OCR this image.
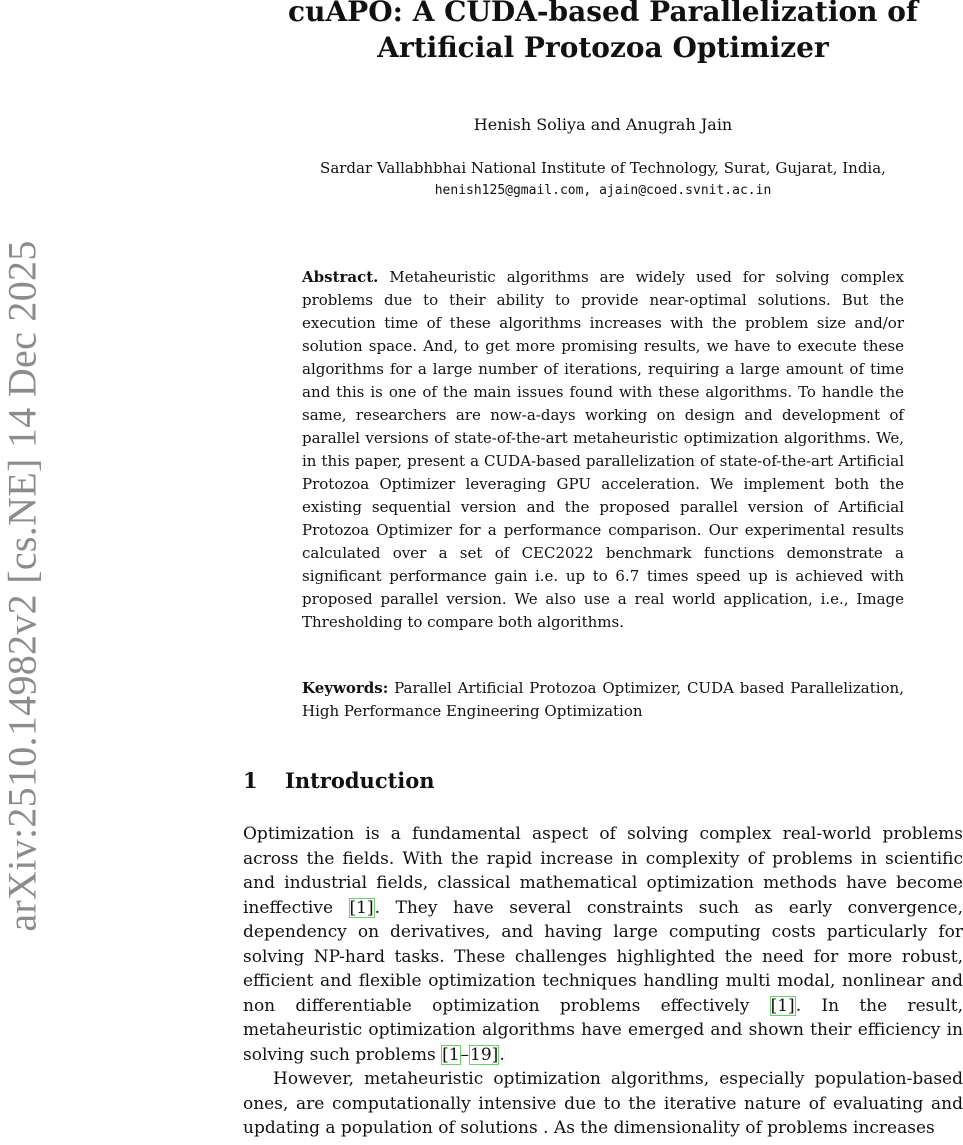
arXiv:2510.14982v2 [cs.NE] 14 Dec 2025
cuAPO: A CUDA-based Parallelization of
Artificial Protozoa Optimizer
Henish Soliya and Anugrah Jain
Sardar Vallabhbhai National Institute of Technology, Surat, Gujarat, India,
henish125@gmail.com, ajain@coed.svnit.ac.in

Abstract. Metaheuristic algorithms are widely used for solving complex problems due to their ability to provide near-optimal solutions. But the execution time of these algorithms increases with the problem size and/or solution space. And, to get more promising results, we have to execute these algorithms for a large number of iterations, requiring a large amount of time and this is one of the main issues found with these algorithms. To handle the same, researchers are now-a-days working on design and development of parallel versions of state-of-the-art metaheuristic optimization algorithms. We, in this paper, present a CUDA-based parallelization of state-of-the-art Artificial Protozoa Optimizer leveraging GPU acceleration. We implement both the existing sequential version and the proposed parallel version of Artificial Protozoa Optimizer for a performance comparison. Our experimental results calculated over a set of CEC2022 benchmark functions demonstrate a significant performance gain i.e. up to 6.7 times speed up is achieved with proposed parallel version. We also use a real world application, i.e., Image Thresholding to compare both algorithms.

Keywords: Parallel Artificial Protozoa Optimizer, CUDA based Parallelization, High Performance Engineering Optimization

1 Introduction

Optimization is a fundamental aspect of solving complex real-world problems across the fields. With the rapid increase in complexity of problems in scientific and industrial fields, classical mathematical optimization methods have become ineffective [1]. They have several constraints such as early convergence, dependency on derivatives, and having large computing costs particularly for solving NP-hard tasks. These challenges highlighted the need for more robust, efficient and flexible optimization techniques handling multi modal, nonlinear and non differentiable optimization problems effectively [1]. In the result, metaheuristic optimization algorithms have emerged and shown their efficiency in solving such problems [1–19].

However, metaheuristic optimization algorithms, especially population-based ones, are computationally intensive due to the iterative nature of evaluating and updating a population of solutions . As the dimensionality of problems increases
